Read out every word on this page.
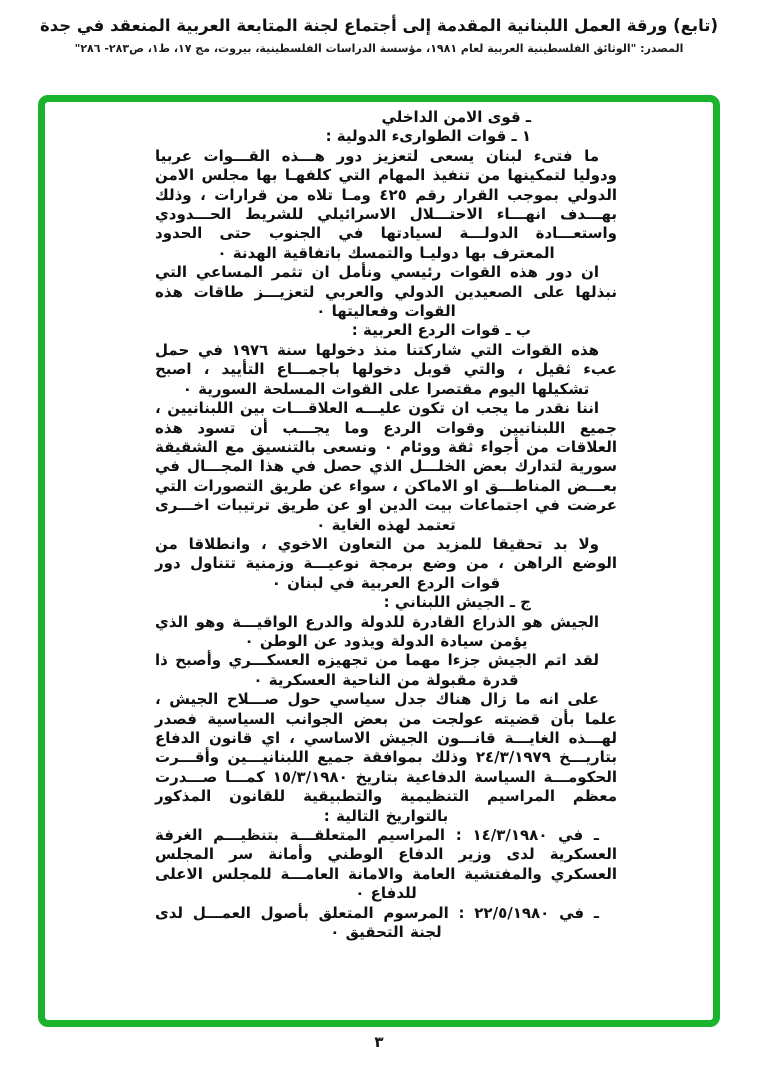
(تابع) ورقة العمل اللبنانية المقدمة إلى أجتماع لجنة المتابعة العربية المنعقد في جدة
المصدر: "الوثائق الفلسطينية العربية لعام ١٩٨١، مؤسسة الدراسات الفلسطينية، بيروت، مج ١٧، ط١، ص٢٨٣- ٢٨٦"
ـ قوى الامن الداخلي
١ ـ قوات الطوارىء الدولية :

ما فتىء لبنان يسعى لتعزيز دور هـــذه القـــوات عربيا ودوليا لتمكينها من تنفيذ المهام التي كلفهـا بها مجلس الامن الدولي بموجب القرار رقم ٤٢٥ ومـا تلاه من قرارات ، وذلك بهـــدف انهـــاء الاحتـــلال الاسرائيلي للشريط الحـــدودي واستعـــادة الدولـــة لسيادتها في الجنوب حتى الحدود المعترف بها دوليـا والتمسك باتفاقية الهدنة ٠

ان دور هذه القوات رئيسي ونأمل ان تثمر المساعي التي نبذلها على الصعيدين الدولي والعربي لتعزيـــز طاقات هذه القوات وفعاليتها ٠

ب ـ قوات الردع العربية :

هذه القوات التي شاركتنا منذ دخولها سنة ١٩٧٦ في حمل عبء ثقيل ، والتي قوبل دخولها باجمـــاع التأييد ، اصبح تشكيلها اليوم مقتصرا على القوات المسلحة السورية ٠

اننا نقدر ما يجب ان تكون عليـــه العلاقـــات بين اللبنانيين ، جميع اللبنانيين وقوات الردع وما يجـــب أن تسود هذه العلاقات من أجواء ثقة ووئام ٠ ونسعى بالتنسيق مع الشقيقة سورية لتدارك بعض الخلـــل الذي حصل في هذا المجـــال في بعـــض المناطـــق او الاماكن ، سواء عن طريق التصورات التي عرضت في اجتماعات بيت الدين او عن طريق ترتيبات اخـــرى تعتمد لهذه الغاية ٠

ولا بد تحقيقا للمزيد من التعاون الاخوي ، وانطلاقا من الوضع الراهن ، من وضع برمجة نوعيـــة وزمنية تتناول دور قوات الردع العربية في لبنان ٠

ج ـ الجيش اللبناني :

الجيش هو الذراع القادرة للدولة والدرع الواقيـــة وهو الذي يؤمن سيادة الدولة ويذود عن الوطن ٠

لقد اتم الجيش جزءا مهما من تجهيزه العسكـــري وأصبح ذا قدرة مقبولة من الناحية العسكرية ٠

على انه ما زال هناك جدل سياسي حول صـــلاح الجيش ، علما بأن قضيته عولجت من بعض الجوانب السياسية فصدر لهـــذه الغايـــة قانـــون الجيش الاساسي ، اي قانون الدفاع بتاريـــخ ٢٤/٣/١٩٧٩ وذلك بموافقة جميع اللبنانيـــين وأقـــرت الحكومـــة السياسة الدفاعية بتاريخ ١٥/٣/١٩٨٠ كمـــا صـــدرت معظم المراسيم التنظيمية والتطبيقية للقانون المذكور بالتواريخ التالية :

ـ في ١٤/٣/١٩٨٠ : المراسيم المتعلقـــة بتنظيـــم الغرفة العسكرية لدى وزير الدفاع الوطني وأمانة سر المجلس العسكري والمفتشية العامة والامانة العامـــة للمجلس الاعلى للدفاع ٠

ـ في ٢٢/٥/١٩٨٠ : المرسوم المتعلق بأصول العمـــل لدى لجنة التحقيق ٠

٣
